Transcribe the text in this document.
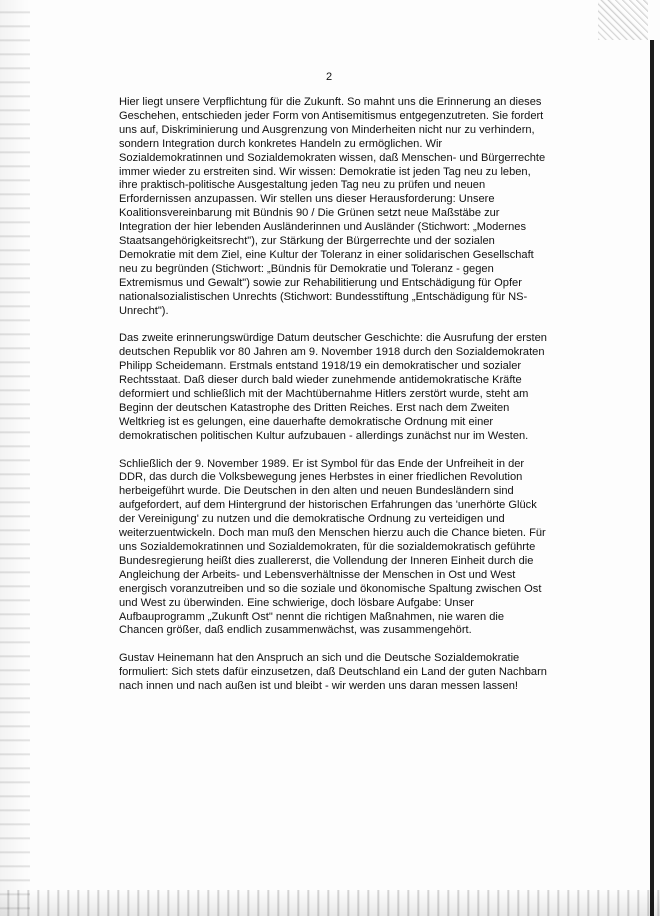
2
Hier liegt unsere Verpflichtung für die Zukunft. So mahnt uns die Erinnerung an dieses
Geschehen, entschieden jeder Form von Antisemitismus entgegenzutreten. Sie fordert
uns auf, Diskriminierung und Ausgrenzung von Minderheiten nicht nur zu verhindern,
sondern Integration durch konkretes Handeln zu ermöglichen. Wir
Sozialdemokratinnen und Sozialdemokraten wissen, daß Menschen- und Bürgerrechte
immer wieder zu erstreiten sind. Wir wissen: Demokratie ist jeden Tag neu zu leben,
ihre praktisch-politische Ausgestaltung jeden Tag neu zu prüfen und neuen
Erfordernissen anzupassen. Wir stellen uns dieser Herausforderung: Unsere
Koalitionsvereinbarung mit Bündnis 90 / Die Grünen setzt neue Maßstäbe zur
Integration der hier lebenden Ausländerinnen und Ausländer (Stichwort: „Modernes
Staatsangehörigkeitsrecht"), zur Stärkung der Bürgerrechte und der sozialen
Demokratie mit dem Ziel, eine Kultur der Toleranz in einer solidarischen Gesellschaft
neu zu begründen (Stichwort: „Bündnis für Demokratie und Toleranz - gegen
Extremismus und Gewalt") sowie zur Rehabilitierung und Entschädigung für Opfer
nationalsozialistischen Unrechts (Stichwort: Bundesstiftung „Entschädigung für NS-
Unrecht").
Das zweite erinnerungswürdige Datum deutscher Geschichte: die Ausrufung der ersten
deutschen Republik vor 80 Jahren am 9. November 1918 durch den Sozialdemokraten
Philipp Scheidemann. Erstmals entstand 1918/19 ein demokratischer und sozialer
Rechtsstaat. Daß dieser durch bald wieder zunehmende antidemokratische Kräfte
deformiert und schließlich mit der Machtübernahme Hitlers zerstört wurde, steht am
Beginn der deutschen Katastrophe des Dritten Reiches. Erst nach dem Zweiten
Weltkrieg ist es gelungen, eine dauerhafte demokratische Ordnung mit einer
demokratischen politischen Kultur aufzubauen - allerdings zunächst nur im Westen.
Schließlich der 9. November 1989. Er ist Symbol für das Ende der Unfreiheit in der
DDR, das durch die Volksbewegung jenes Herbstes in einer friedlichen Revolution
herbeigeführt wurde. Die Deutschen in den alten und neuen Bundesländern sind
aufgefordert, auf dem Hintergrund der historischen Erfahrungen das 'unerhörte Glück
der Vereinigung' zu nutzen und die demokratische Ordnung zu verteidigen und
weiterzuentwickeln. Doch man muß den Menschen hierzu auch die Chance bieten. Für
uns Sozialdemokratinnen und Sozialdemokraten, für die sozialdemokratisch geführte
Bundesregierung heißt dies zuallererst, die Vollendung der Inneren Einheit durch die
Angleichung der Arbeits- und Lebensverhältnisse der Menschen in Ost und West
energisch voranzutreiben und so die soziale und ökonomische Spaltung zwischen Ost
und West zu überwinden. Eine schwierige, doch lösbare Aufgabe: Unser
Aufbauprogramm „Zukunft Ost" nennt die richtigen Maßnahmen, nie waren die
Chancen größer, daß endlich zusammenwächst, was zusammengehört.
Gustav Heinemann hat den Anspruch an sich und die Deutsche Sozialdemokratie
formuliert: Sich stets dafür einzusetzen, daß Deutschland ein Land der guten Nachbarn
nach innen und nach außen ist und bleibt - wir werden uns daran messen lassen!
